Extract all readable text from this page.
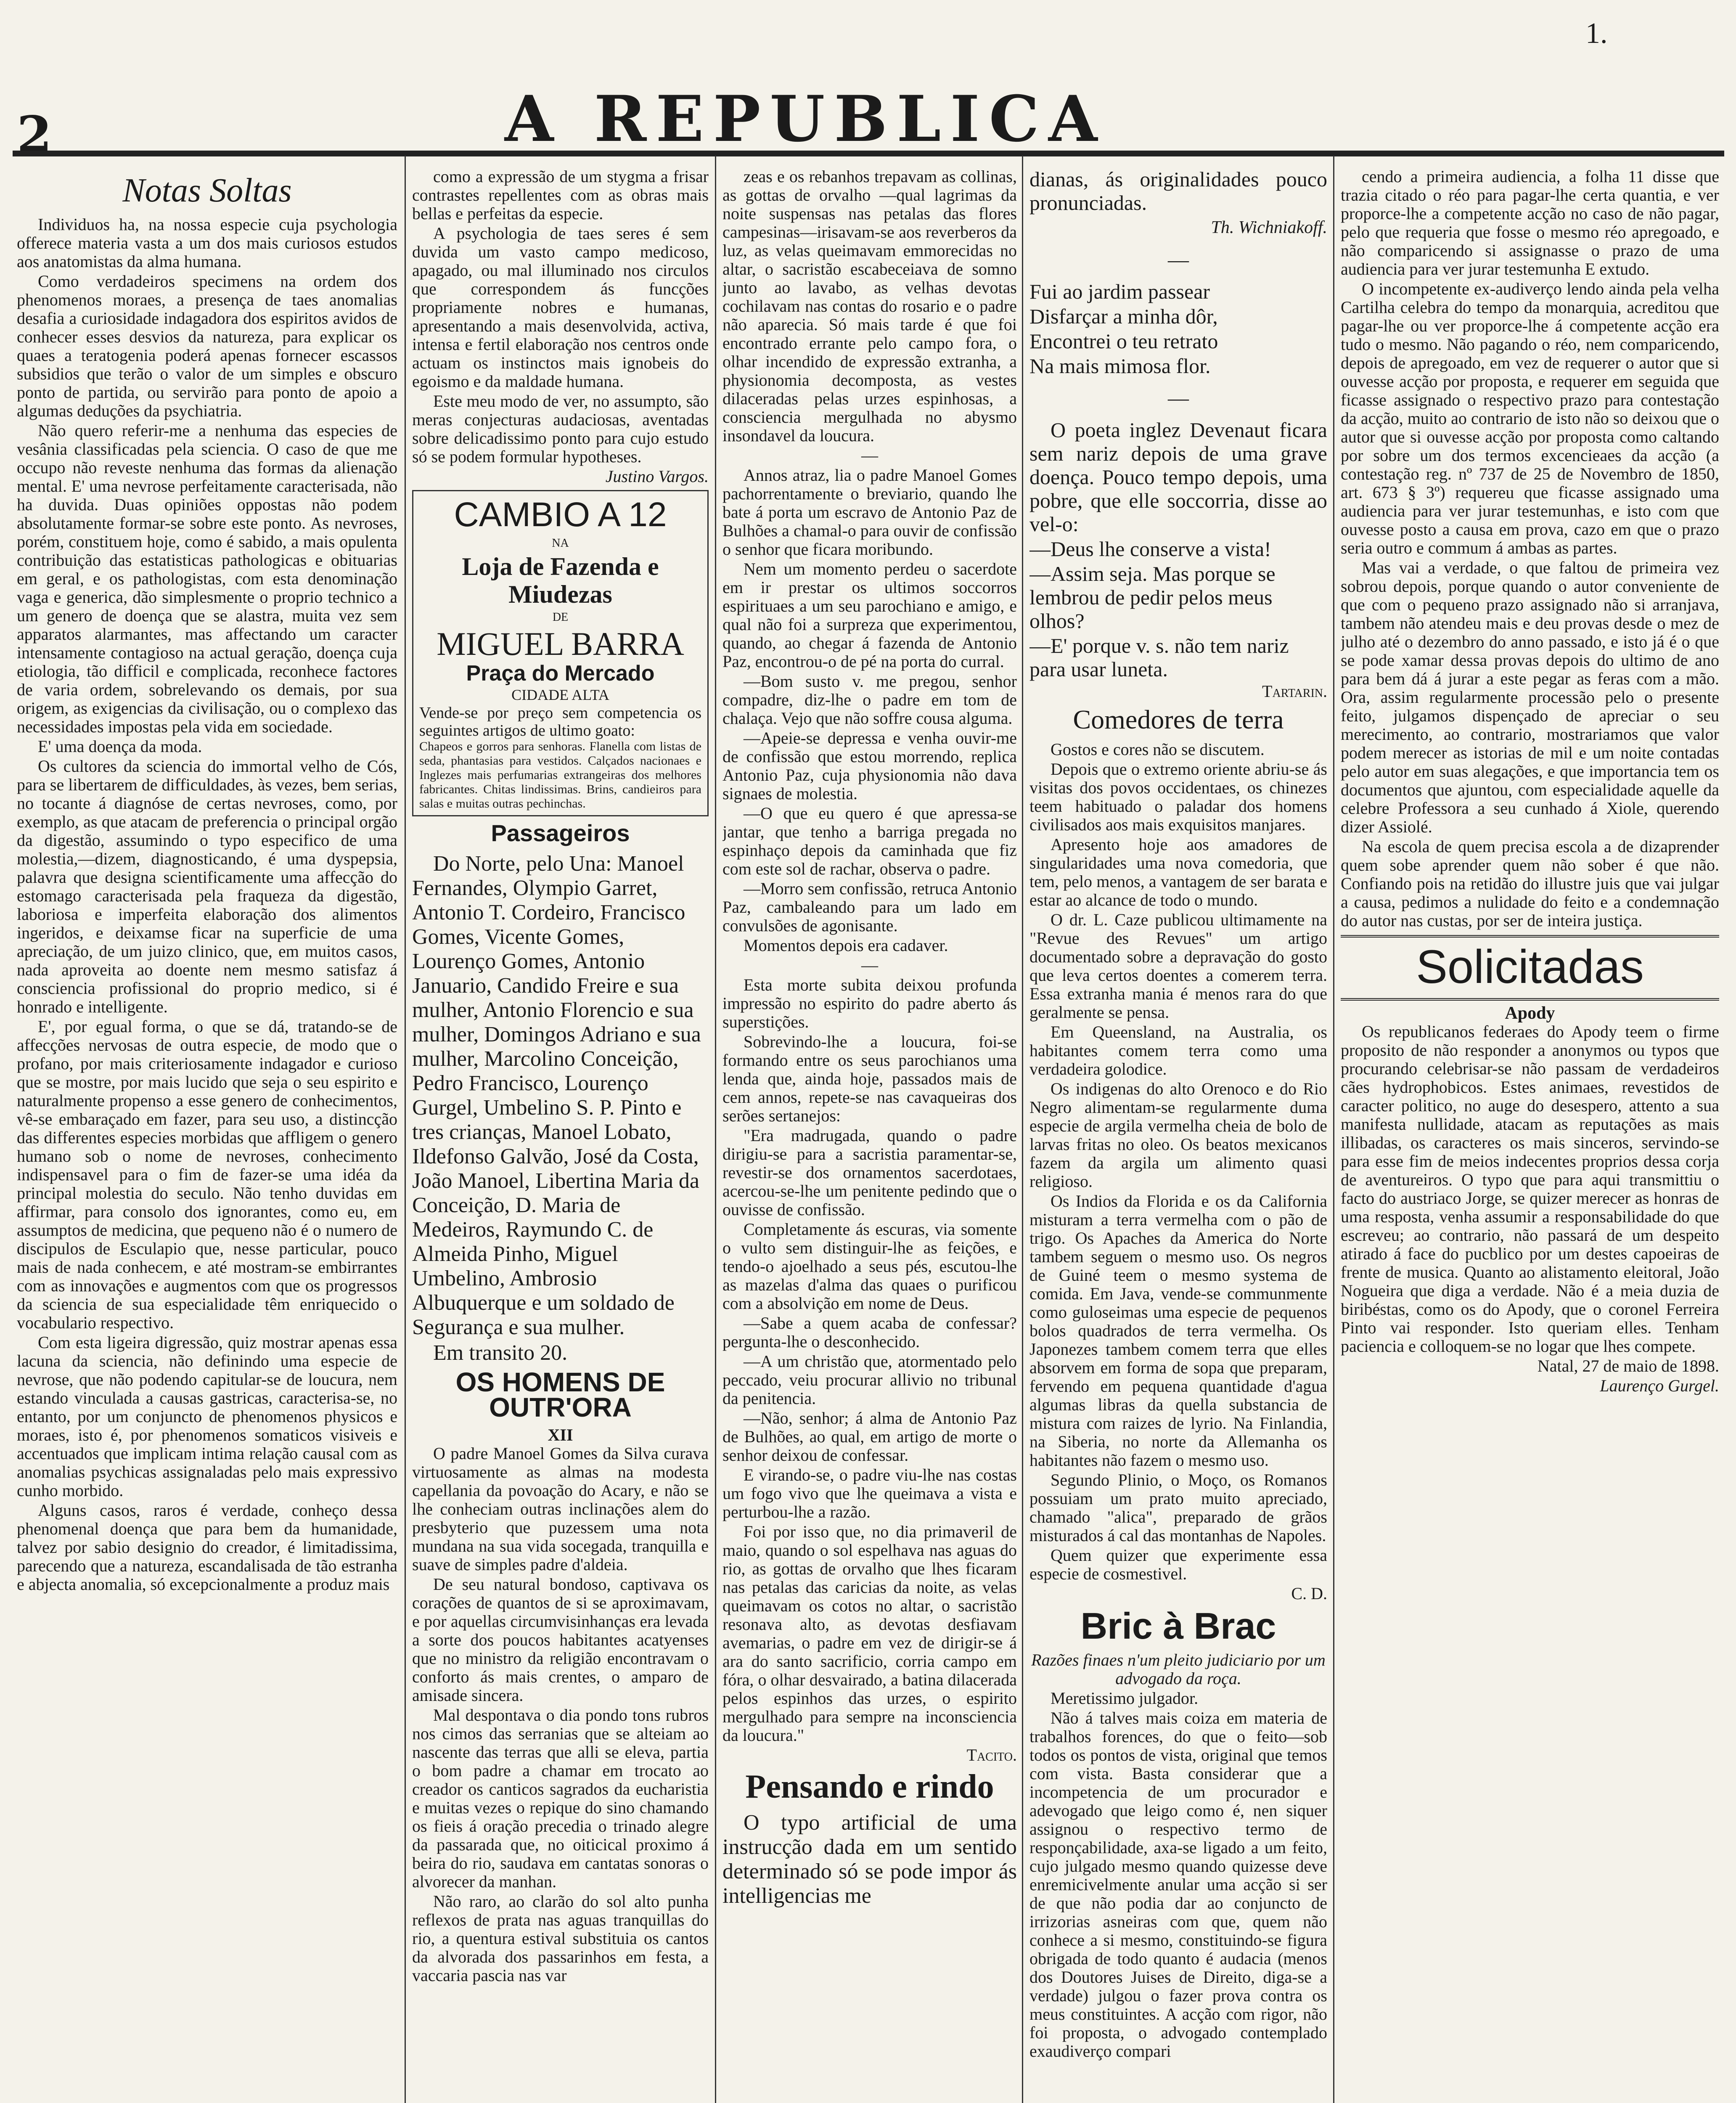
2	A REPUBLICA
1.
Notas Soltas

Individuos ha, na nossa especie cuja psychologia offerece materia vasta a um dos mais curiosos estudos aos anatomistas da alma humana.

Como verdadeiros specimens na ordem dos phenomenos moraes, a presença de taes anomalias desafia a curiosidade indagadora dos espiritos avidos de conhecer esses desvios da natureza, para explicar os quaes a teratogenia poderá apenas fornecer escassos subsidios que terão o valor de um simples e obscuro ponto de partida, ou servirão para ponto de apoio a algumas deduções da psychiatria.

Não quero referir-me a nenhuma das especies de vesânia classificadas pela sciencia. O caso de que me occupo não reveste nenhuma das formas da alienação mental. E' uma nevrose perfeitamente caracterisada, não ha duvida. Duas opiniões oppostas não podem absolutamente formar-se sobre este ponto. As nevroses, porém, constituem hoje, como é sabido, a mais opulenta contribuição das estatisticas pathologicas e obituarias em geral, e os pathologistas, com esta denominação vaga e generica, dão simplesmente o proprio technico a um genero de doença que se alastra, muita vez sem apparatos alarmantes, mas affectando um caracter intensamente contagioso na actual geração, doença cuja etiologia, tão difficil e complicada, reconhece factores de varia ordem, sobrelevando os demais, por sua origem, as exigencias da civilisação, ou o complexo das necessidades impostas pela vida em sociedade.

E' uma doença da moda.

Os cultores da sciencia do immortal velho de Cós, para se libertarem de difficuldades, às vezes, bem serias, no tocante á diagnóse de certas nevroses, como, por exemplo, as que atacam de preferencia o principal orgão da digestão, assumindo o typo especifico de uma molestia,—dizem, diagnosticando, é uma dyspepsia, palavra que designa scientificamente uma affecção do estomago caracterisada pela fraqueza da digestão, laboriosa e imperfeita elaboração dos alimentos ingeridos, e deixamse ficar na superficie de uma apreciação, de um juizo clinico, que, em muitos casos, nada aproveita ao doente nem mesmo satisfaz á consciencia profissional do proprio medico, si é honrado e intelligente.

E', por egual forma, o que se dá, tratando-se de affecções nervosas de outra especie, de modo que o profano, por mais criteriosamente indagador e curioso que se mostre, por mais lucido que seja o seu espirito e naturalmente propenso a esse genero de conhecimentos, vê-se embaraçado em fazer, para seu uso, a distincção das differentes especies morbidas que affligem o genero humano sob o nome de nevroses, conhecimento indispensavel para o fim de fazer-se uma idéa da principal molestia do seculo. Não tenho duvidas em affirmar, para consolo dos ignorantes, como eu, em assumptos de medicina, que pequeno não é o numero de discipulos de Esculapio que, nesse particular, pouco mais de nada conhecem, e até mostram-se embirrantes com as innovações e augmentos com que os progressos da sciencia de sua especialidade têm enriquecido o vocabulario respectivo.

Com esta ligeira digressão, quiz mostrar apenas essa lacuna da sciencia, não definindo uma especie de nevrose, que não podendo capitular-se de loucura, nem estando vinculada a causas gastricas, caracterisa-se, no entanto, por um conjuncto de phenomenos physicos e moraes, isto é, por phenomenos somaticos visiveis e accentuados que implicam intima relação causal com as anomalias psychicas assignaladas pelo mais expressivo cunho morbido.

Alguns casos, raros é verdade, conheço dessa phenomenal doença que para bem da humanidade, talvez por sabio designio do creador, é limitadissima, parecendo que a natureza, escandalisada de tão estranha e abjecta anomalia, só excepcionalmente a produz mais

como a expressão de um stygma a frisar contrastes repellentes com as obras mais bellas e perfeitas da especie.

A psychologia de taes seres é sem duvida um vasto campo medicoso, apagado, ou mal illuminado nos circulos que correspondem ás funcções propriamente nobres e humanas, apresentando a mais desenvolvida, activa, intensa e fertil elaboração nos centros onde actuam os instinctos mais ignobeis do egoismo e da maldade humana.

Este meu modo de ver, no assumpto, são meras conjecturas audaciosas, aventadas sobre delicadissimo ponto para cujo estudo só se podem formular hypotheses.

Justino Vargos.

CAMBIO A 12
NA
Loja de Fazenda e Miudezas
DE
MIGUEL BARRA
Praça do Mercado
CIDADE ALTA
Vende-se por preço sem competencia os seguintes artigos de ultimo goato:
Chapeos e gorros para senhoras. Flanella com listas de seda, phantasias para vestidos. Calçados nacionaes e Inglezes mais perfumarias extrangeiras dos melhores fabricantes. Chitas lindissimas. Brins, candieiros para salas e muitas outras pechinchas.
Passageiros

Do Norte, pelo Una: Manoel Fernandes, Olympio Garret, Antonio T. Cordeiro, Francisco Gomes, Vicente Gomes, Lourenço Gomes, Antonio Januario, Candido Freire e sua mulher, Antonio Florencio e sua mulher, Domingos Adriano e sua mulher, Marcolino Conceição, Pedro Francisco, Lourenço Gurgel, Umbelino S. P. Pinto e tres crianças, Manoel Lobato, Ildefonso Galvão, José da Costa, João Manoel, Libertina Maria da Conceição, D. Maria de Medeiros, Raymundo C. de Almeida Pinho, Miguel Umbelino, Ambrosio Albuquerque e um soldado de Segurança e sua mulher.

Em transito 20.

OS HOMENS DE OUTR'ORA
XII

O padre Manoel Gomes da Silva curava virtuosamente as almas na modesta capellania da povoação do Acary, e não se lhe conheciam outras inclinações alem do presbyterio que puzessem uma nota mundana na sua vida socegada, tranquilla e suave de simples padre d'aldeia.

De seu natural bondoso, captivava os corações de quantos de si se aproximavam, e por aquellas circumvisinhanças era levada a sorte dos poucos habitantes acatyenses que no ministro da religião encontravam o conforto ás mais crentes, o amparo de amisade sincera.

Mal despontava o dia pondo tons rubros nos cimos das serranias que se alteiam ao nascente das terras que alli se eleva, partia o bom padre a chamar em trocato ao creador os canticos sagrados da eucharistia e muitas vezes o repique do sino chamando os fieis á oração precedia o trinado alegre da passarada que, no oiticical proximo á beira do rio, saudava em cantatas sonoras o alvorecer da manhan.

Não raro, ao clarão do sol alto punha reflexos de prata nas aguas tranquillas do rio, a quentura estival substituia os cantos da alvorada dos passarinhos em festa, a vaccaria pascia nas var

zeas e os rebanhos trepavam as collinas, as gottas de orvalho —qual lagrimas da noite suspensas nas petalas das flores campesinas—irisavam-se aos reverberos da luz, as velas queimavam emmorecidas no altar, o sacristão escabeceiava de somno junto ao lavabo, as velhas devotas cochilavam nas contas do rosario e o padre não aparecia. Só mais tarde é que foi encontrado errante pelo campo fora, o olhar incendido de expressão extranha, a physionomia decomposta, as vestes dilaceradas pelas urzes espinhosas, a consciencia mergulhada no abysmo insondavel da loucura.

—

Annos atraz, lia o padre Manoel Gomes pachorrentamente o breviario, quando lhe bate á porta um escravo de Antonio Paz de Bulhões a chamal-o para ouvir de confissão o senhor que ficara moribundo.

Nem um momento perdeu o sacerdote em ir prestar os ultimos soccorros espirituaes a um seu parochiano e amigo, e qual não foi a surpreza que experimentou, quando, ao chegar á fazenda de Antonio Paz, encontrou-o de pé na porta do curral.

—Bom susto v. me pregou, senhor compadre, diz-lhe o padre em tom de chalaça. Vejo que não soffre cousa alguma.

—Apeie-se depressa e venha ouvir-me de confissão que estou morrendo, replica Antonio Paz, cuja physionomia não dava signaes de molestia.

—O que eu quero é que apressa-se jantar, que tenho a barriga pregada no espinhaço depois da caminhada que fiz com este sol de rachar, observa o padre.

—Morro sem confissão, retruca Antonio Paz, cambaleando para um lado em convulsões de agonisante.

Momentos depois era cadaver.

—

Esta morte subita deixou profunda impressão no espirito do padre aberto ás superstições.

Sobrevindo-lhe a loucura, foi-se formando entre os seus parochianos uma lenda que, ainda hoje, passados mais de cem annos, repete-se nas cavaqueiras dos serões sertanejos:

"Era madrugada, quando o padre dirigiu-se para a sacristia paramentar-se, revestir-se dos ornamentos sacerdotaes, acercou-se-lhe um penitente pedindo que o ouvisse de confissão.

Completamente ás escuras, via somente o vulto sem distinguir-lhe as feições, e tendo-o ajoelhado a seus pés, escutou-lhe as mazelas d'alma das quaes o purificou com a absolvição em nome de Deus.

—Sabe a quem acaba de confessar? pergunta-lhe o desconhecido.

—A um christão que, atormentado pelo peccado, veiu procurar allivio no tribunal da penitencia.

—Não, senhor; á alma de Antonio Paz de Bulhões, ao qual, em artigo de morte o senhor deixou de confessar.

E virando-se, o padre viu-lhe nas costas um fogo vivo que lhe queimava a vista e perturbou-lhe a razão.

Foi por isso que, no dia primaveril de maio, quando o sol espelhava nas aguas do rio, as gottas de orvalho que lhes ficaram nas petalas das caricias da noite, as velas queimavam os cotos no altar, o sacristão resonava alto, as devotas desfiavam avemarias, o padre em vez de dirigir-se á ara do santo sacrificio, corria campo em fóra, o olhar desvairado, a batina dilacerada pelos espinhos das urzes, o espirito mergulhado para sempre na inconsciencia da loucura."

Tacito.

Pensando e rindo

O typo artificial de uma instrucção dada em um sentido determinado só se pode impor ás intelligencias me

dianas, ás originalidades pouco pronunciadas.

Th. Wichniakoff.

—

Fui ao jardim passear

Disfarçar a minha dôr,

Encontrei o teu retrato

Na mais mimosa flor.

—

O poeta inglez Devenaut ficara sem nariz depois de uma grave doença. Pouco tempo depois, uma pobre, que elle soccorria, disse ao vel-o:

—Deus lhe conserve a vista!

—Assim seja. Mas porque se lembrou de pedir pelos meus olhos?

—E' porque v. s. não tem nariz para usar luneta.

Tartarin.

Comedores de terra

Gostos e cores não se discutem.

Depois que o extremo oriente abriu-se ás visitas dos povos occidentaes, os chinezes teem habituado o paladar dos homens civilisados aos mais exquisitos manjares.

Apresento hoje aos amadores de singularidades uma nova comedoria, que tem, pelo menos, a vantagem de ser barata e estar ao alcance de todo o mundo.

O dr. L. Caze publicou ultimamente na "Revue des Revues" um artigo documentado sobre a depravação do gosto que leva certos doentes a comerem terra. Essa extranha mania é menos rara do que geralmente se pensa.

Em Queensland, na Australia, os habitantes comem terra como uma verdadeira golodice.

Os indigenas do alto Orenoco e do Rio Negro alimentam-se regularmente duma especie de argila vermelha cheia de bolo de larvas fritas no oleo. Os beatos mexicanos fazem da argila um alimento quasi religioso.

Os Indios da Florida e os da California misturam a terra vermelha com o pão de trigo. Os Apaches da America do Norte tambem seguem o mesmo uso. Os negros de Guiné teem o mesmo systema de comida. Em Java, vende-se communmente como guloseimas uma especie de pequenos bolos quadrados de terra vermelha. Os Japonezes tambem comem terra que elles absorvem em forma de sopa que preparam, fervendo em pequena quantidade d'agua algumas libras da quella substancia de mistura com raizes de lyrio. Na Finlandia, na Siberia, no norte da Allemanha os habitantes não fazem o mesmo uso.

Segundo Plinio, o Moço, os Romanos possuiam um prato muito apreciado, chamado "alica", preparado de grãos misturados á cal das montanhas de Napoles.

Quem quizer que experimente essa especie de cosmestivel.

C. D.

Bric à Brac

Razões finaes n'um pleito judiciario por um advogado da roça.

Meretissimo julgador.

Não á talves mais coiza em materia de trabalhos forences, do que o feito—sob todos os pontos de vista, original que temos com vista. Basta considerar que a incompetencia de um procurador e adevogado que leigo como é, nen siquer assignou o respectivo termo de responçabilidade, axa-se ligado a um feito, cujo julgado mesmo quando quizesse deve enremicivelmente anular uma acção si ser de que não podia dar ao conjuncto de irrizorias asneiras com que, quem não conhece a si mesmo, constituindo-se figura obrigada de todo quanto é audacia (menos dos Doutores Juises de Direito, diga-se a verdade) julgou o fazer prova contra os meus constituintes. A acção com rigor, não foi proposta, o advogado contemplado exaudiverço compari

cendo a primeira audiencia, a folha 11 disse que trazia citado o réo para pagar-lhe certa quantia, e ver proporce-lhe a competente acção no caso de não pagar, pelo que requeria que fosse o mesmo réo apregoado, e não comparicendo si assignasse o prazo de uma audiencia para ver jurar testemunha E extudo.

O incompetente ex-audiverço lendo ainda pela velha Cartilha celebra do tempo da monarquia, acreditou que pagar-lhe ou ver proporce-lhe á competente acção era tudo o mesmo. Não pagando o réo, nem comparicendo, depois de apregoado, em vez de requerer o autor que si ouvesse acção por proposta, e requerer em seguida que ficasse assignado o respectivo prazo para contestação da acção, muito ao contrario de isto não so deixou que o autor que si ouvesse acção por proposta como caltando por sobre um dos termos excencieaes da acção (a contestação reg. nº 737 de 25 de Novembro de 1850, art. 673 § 3º) requereu que ficasse assignado uma audiencia para ver jurar testemunhas, e isto com que ouvesse posto a causa em prova, cazo em que o prazo seria outro e commum á ambas as partes.

Mas vai a verdade, o que faltou de primeira vez sobrou depois, porque quando o autor conveniente de que com o pequeno prazo assignado não si arranjava, tambem não atendeu mais e deu provas desde o mez de julho até o dezembro do anno passado, e isto já é o que se pode xamar dessa provas depois do ultimo de ano para bem dá á jurar a este pegar as feras com a mão. Ora, assim regularmente processão pelo o presente feito, julgamos dispençado de apreciar o seu merecimento, ao contrario, mostrariamos que valor podem merecer as istorias de mil e um noite contadas pelo autor em suas alegações, e que importancia tem os documentos que ajuntou, com especialidade aquelle da celebre Professora a seu cunhado á Xiole, querendo dizer Assiolé.

Na escola de quem precisa escola a de dizaprender quem sobe aprender quem não sober é que não. Confiando pois na retidão do illustre juis que vai julgar a causa, pedimos a nulidade do feito e a condemnação do autor nas custas, por ser de inteira justiça.

Solicitadas
Apody

Os republicanos federaes do Apody teem o firme proposito de não responder a anonymos ou typos que procurando celebrisar-se não passam de verdadeiros cães hydrophobicos. Estes animaes, revestidos de caracter politico, no auge do desespero, attento a sua manifesta nullidade, atacam as reputações as mais illibadas, os caracteres os mais sinceros, servindo-se para esse fim de meios indecentes proprios dessa corja de aventureiros. O typo que para aqui transmittiu o facto do austriaco Jorge, se quizer merecer as honras de uma resposta, venha assumir a responsabilidade do que escreveu; ao contrario, não passará de um despeito atirado á face do pucblico por um destes capoeiras de frente de musica. Quanto ao alistamento eleitoral, João Nogueira que diga a verdade. Não é a meia duzia de biribéstas, como os do Apody, que o coronel Ferreira Pinto vai responder. Isto queriam elles. Tenham paciencia e colloquem-se no logar que lhes compete.

Natal, 27 de maio de 1898.

Laurenço Gurgel.
